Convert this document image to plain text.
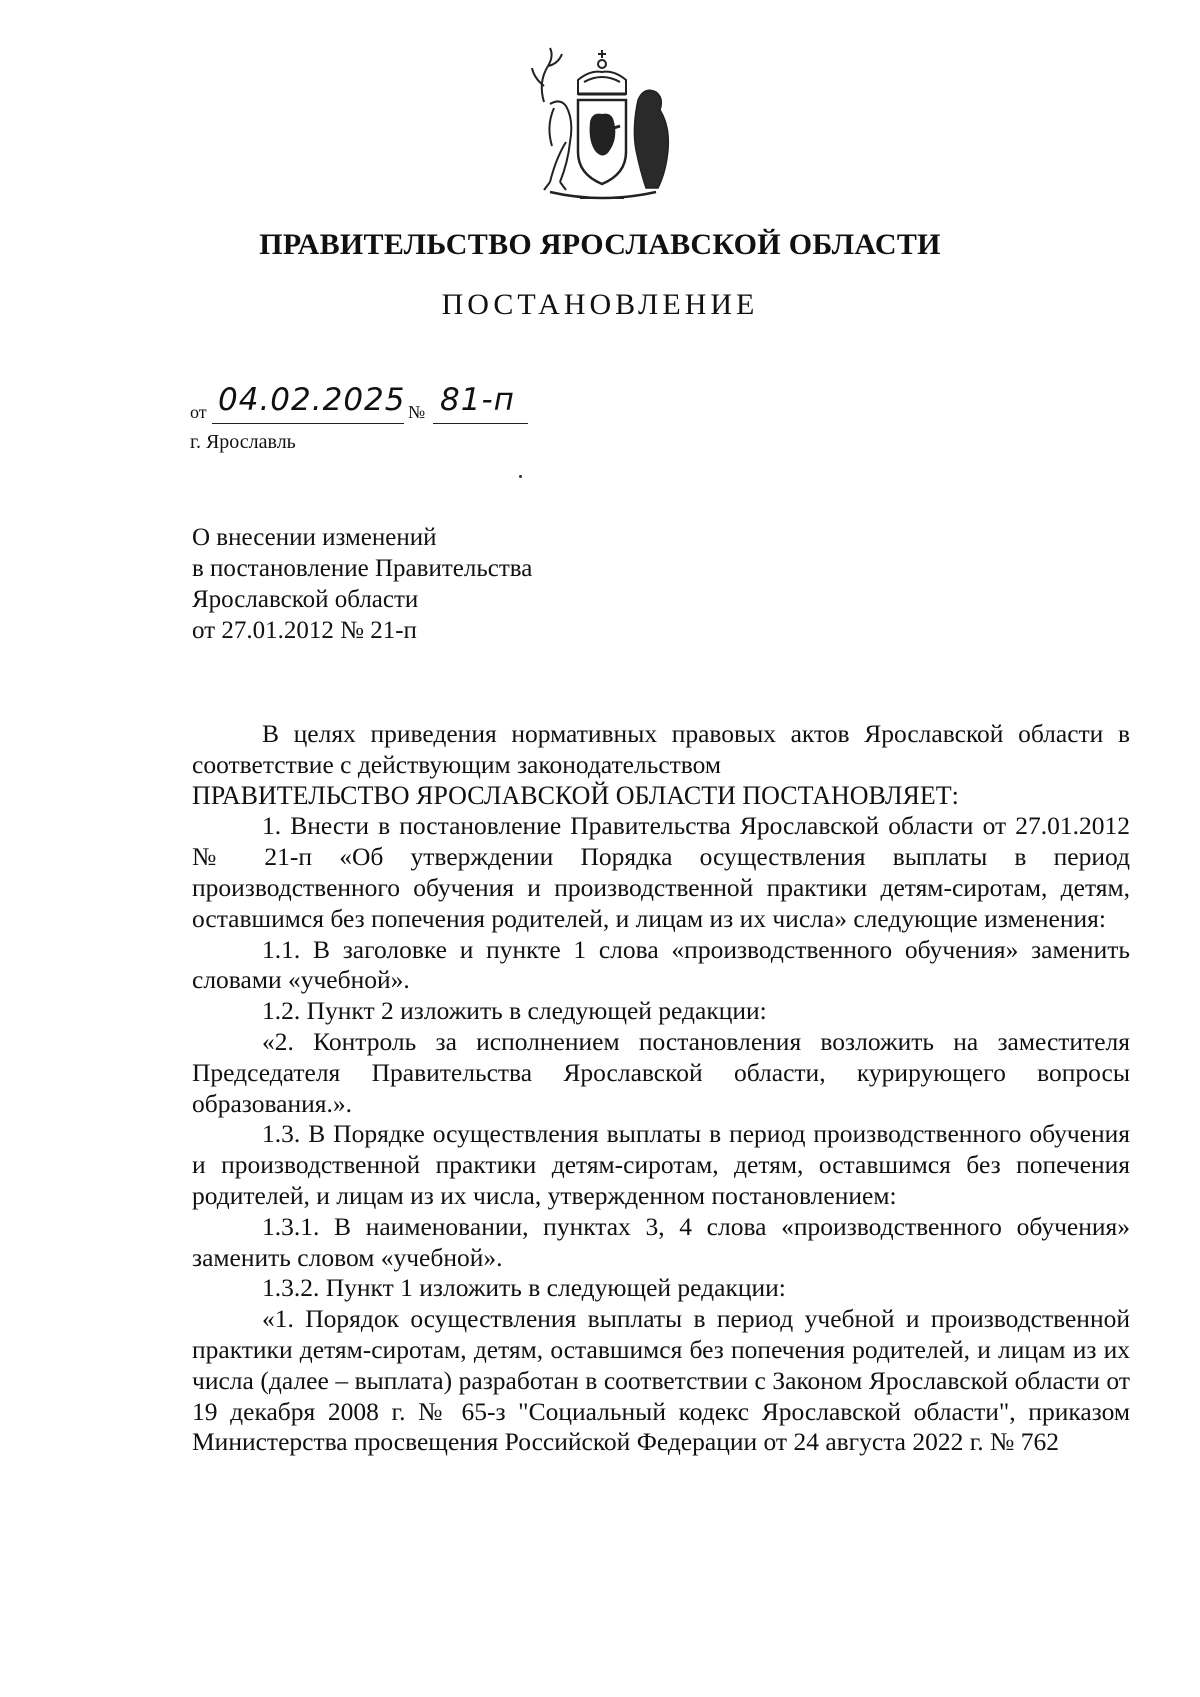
ПРАВИТЕЛЬСТВО ЯРОСЛАВСКОЙ ОБЛАСТИ
ПОСТАНОВЛЕНИЕ
от 04.02.2025 № 81-п

г. Ярославль

О внесении изменений
в постановление Правительства
Ярославской области
от 27.01.2012 № 21-п

В целях приведения нормативных правовых актов Ярославской области в соответствие с действующим законодательством

ПРАВИТЕЛЬСТВО ЯРОСЛАВСКОЙ ОБЛАСТИ ПОСТАНОВЛЯЕТ:

1. Внести в постановление Правительства Ярославской области от 27.01.2012 № 21-п «Об утверждении Порядка осуществления выплаты в период производственного обучения и производственной практики детям-сиротам, детям, оставшимся без попечения родителей, и лицам из их числа» следующие изменения:

1.1. В заголовке и пункте 1 слова «производственного обучения» заменить словами «учебной».

1.2. Пункт 2 изложить в следующей редакции:

«2. Контроль за исполнением постановления возложить на заместителя Председателя Правительства Ярославской области, курирующего вопросы образования.».

1.3. В Порядке осуществления выплаты в период производственного обучения и производственной практики детям-сиротам, детям, оставшимся без попечения родителей, и лицам из их числа, утвержденном постановлением:

1.3.1. В наименовании, пунктах 3, 4 слова «производственного обучения» заменить словом «учебной».

1.3.2. Пункт 1 изложить в следующей редакции:

«1. Порядок осуществления выплаты в период учебной и производственной практики детям-сиротам, детям, оставшимся без попечения родителей, и лицам из их числа (далее – выплата) разработан в соответствии с Законом Ярославской области от 19 декабря 2008 г. № 65-з "Социальный кодекс Ярославской области", приказом Министерства просвещения Российской Федерации от 24 августа 2022 г. № 762
